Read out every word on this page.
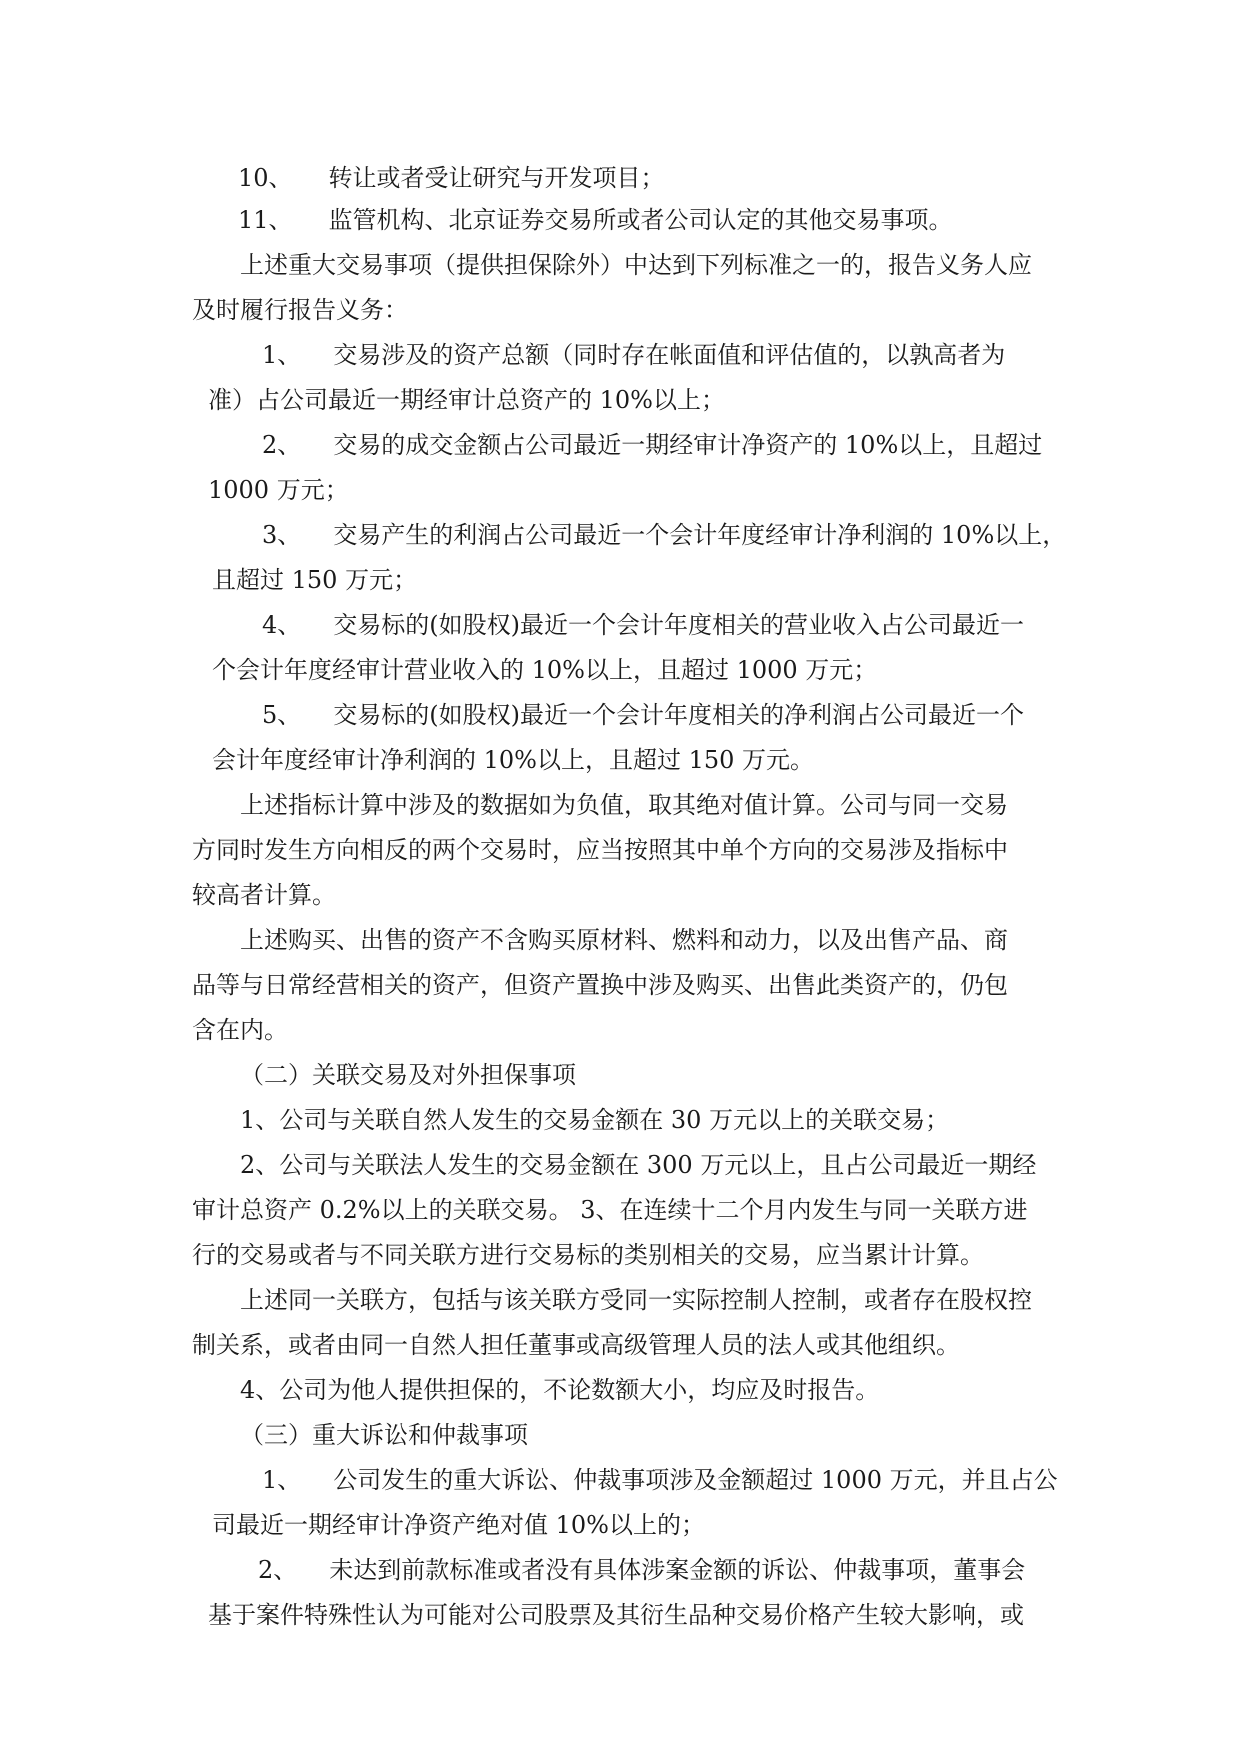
10、 转让或者受让研究与开发项目；
11、 监管机构、北京证券交易所或者公司认定的其他交易事项。
上述重大交易事项（提供担保除外）中达到下列标准之一的，报告义务人应
及时履行报告义务：
1、 交易涉及的资产总额（同时存在帐面值和评估值的，以孰高者为
准）占公司最近一期经审计总资产的 10%以上；
2、 交易的成交金额占公司最近一期经审计净资产的 10%以上，且超过
1000 万元；
3、 交易产生的利润占公司最近一个会计年度经审计净利润的 10%以上，
且超过 150 万元；
4、 交易标的(如股权)最近一个会计年度相关的营业收入占公司最近一
个会计年度经审计营业收入的 10%以上，且超过 1000 万元；
5、 交易标的(如股权)最近一个会计年度相关的净利润占公司最近一个
会计年度经审计净利润的 10%以上，且超过 150 万元。
上述指标计算中涉及的数据如为负值，取其绝对值计算。公司与同一交易
方同时发生方向相反的两个交易时，应当按照其中单个方向的交易涉及指标中
较高者计算。
上述购买、出售的资产不含购买原材料、燃料和动力，以及出售产品、商
品等与日常经营相关的资产，但资产置换中涉及购买、出售此类资产的，仍包
含在内。
（二）关联交易及对外担保事项
1、公司与关联自然人发生的交易金额在 30 万元以上的关联交易；
2、公司与关联法人发生的交易金额在 300 万元以上，且占公司最近一期经
审计总资产 0.2%以上的关联交易。 3、在连续十二个月内发生与同一关联方进
行的交易或者与不同关联方进行交易标的类别相关的交易，应当累计计算。
上述同一关联方，包括与该关联方受同一实际控制人控制，或者存在股权控
制关系，或者由同一自然人担任董事或高级管理人员的法人或其他组织。
4、公司为他人提供担保的，不论数额大小，均应及时报告。
（三）重大诉讼和仲裁事项
1、 公司发生的重大诉讼、仲裁事项涉及金额超过 1000 万元，并且占公
司最近一期经审计净资产绝对值 10%以上的；
2、 未达到前款标准或者没有具体涉案金额的诉讼、仲裁事项，董事会
基于案件特殊性认为可能对公司股票及其衍生品种交易价格产生较大影响，或
